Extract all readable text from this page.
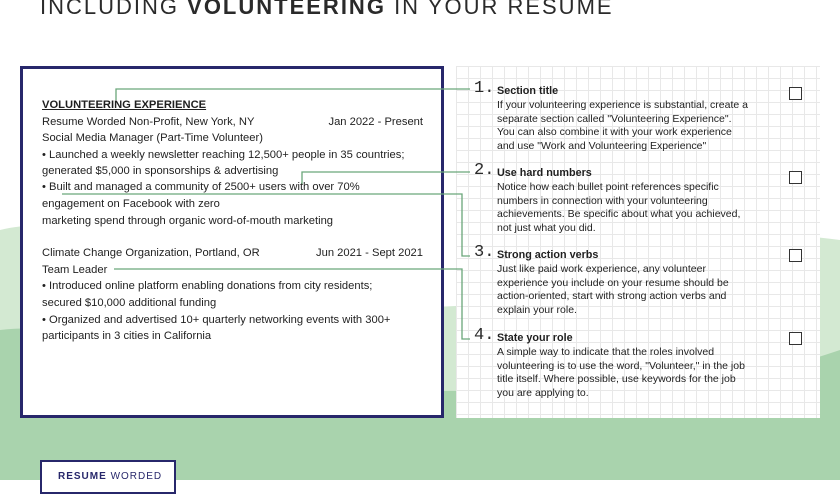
INCLUDING VOLUNTEERING IN YOUR RESUME
VOLUNTEERING EXPERIENCE
Resume Worded Non-Profit, New York, NY	Jan 2022 - Present
Social Media Manager (Part-Time Volunteer)
• Launched a weekly newsletter reaching 12,500+ people in 35 countries;
generated $5,000 in sponsorships & advertising
• Built and managed a community of 2500+ users with over 70%
engagement on Facebook with zero
marketing spend through organic word-of-mouth marketing
Climate Change Organization, Portland, OR	Jun 2021 - Sept 2021
Team Leader
• Introduced online platform enabling donations from city residents;
secured $10,000 additional funding
• Organized and advertised 10+ quarterly networking events with 300+
participants in 3 cities in California
1. Section title
If your volunteering experience is substantial, create a
separate section called "Volunteering Experience".
You can also combine it with your work experience
and use "Work and Volunteering Experience"
2. Use hard numbers
Notice how each bullet point references specific
numbers in connection with your volunteering
achievements. Be specific about what you achieved,
not just what you did.
3. Strong action verbs
Just like paid work experience, any volunteer
experience you include on your resume should be
action-oriented, start with strong action verbs and
explain your role.
4. State your role
A simple way to indicate that the roles involved
volunteering is to use the word, "Volunteer," in the job
title itself. Where possible, use keywords for the job
you are applying to.
RESUME WORDED
